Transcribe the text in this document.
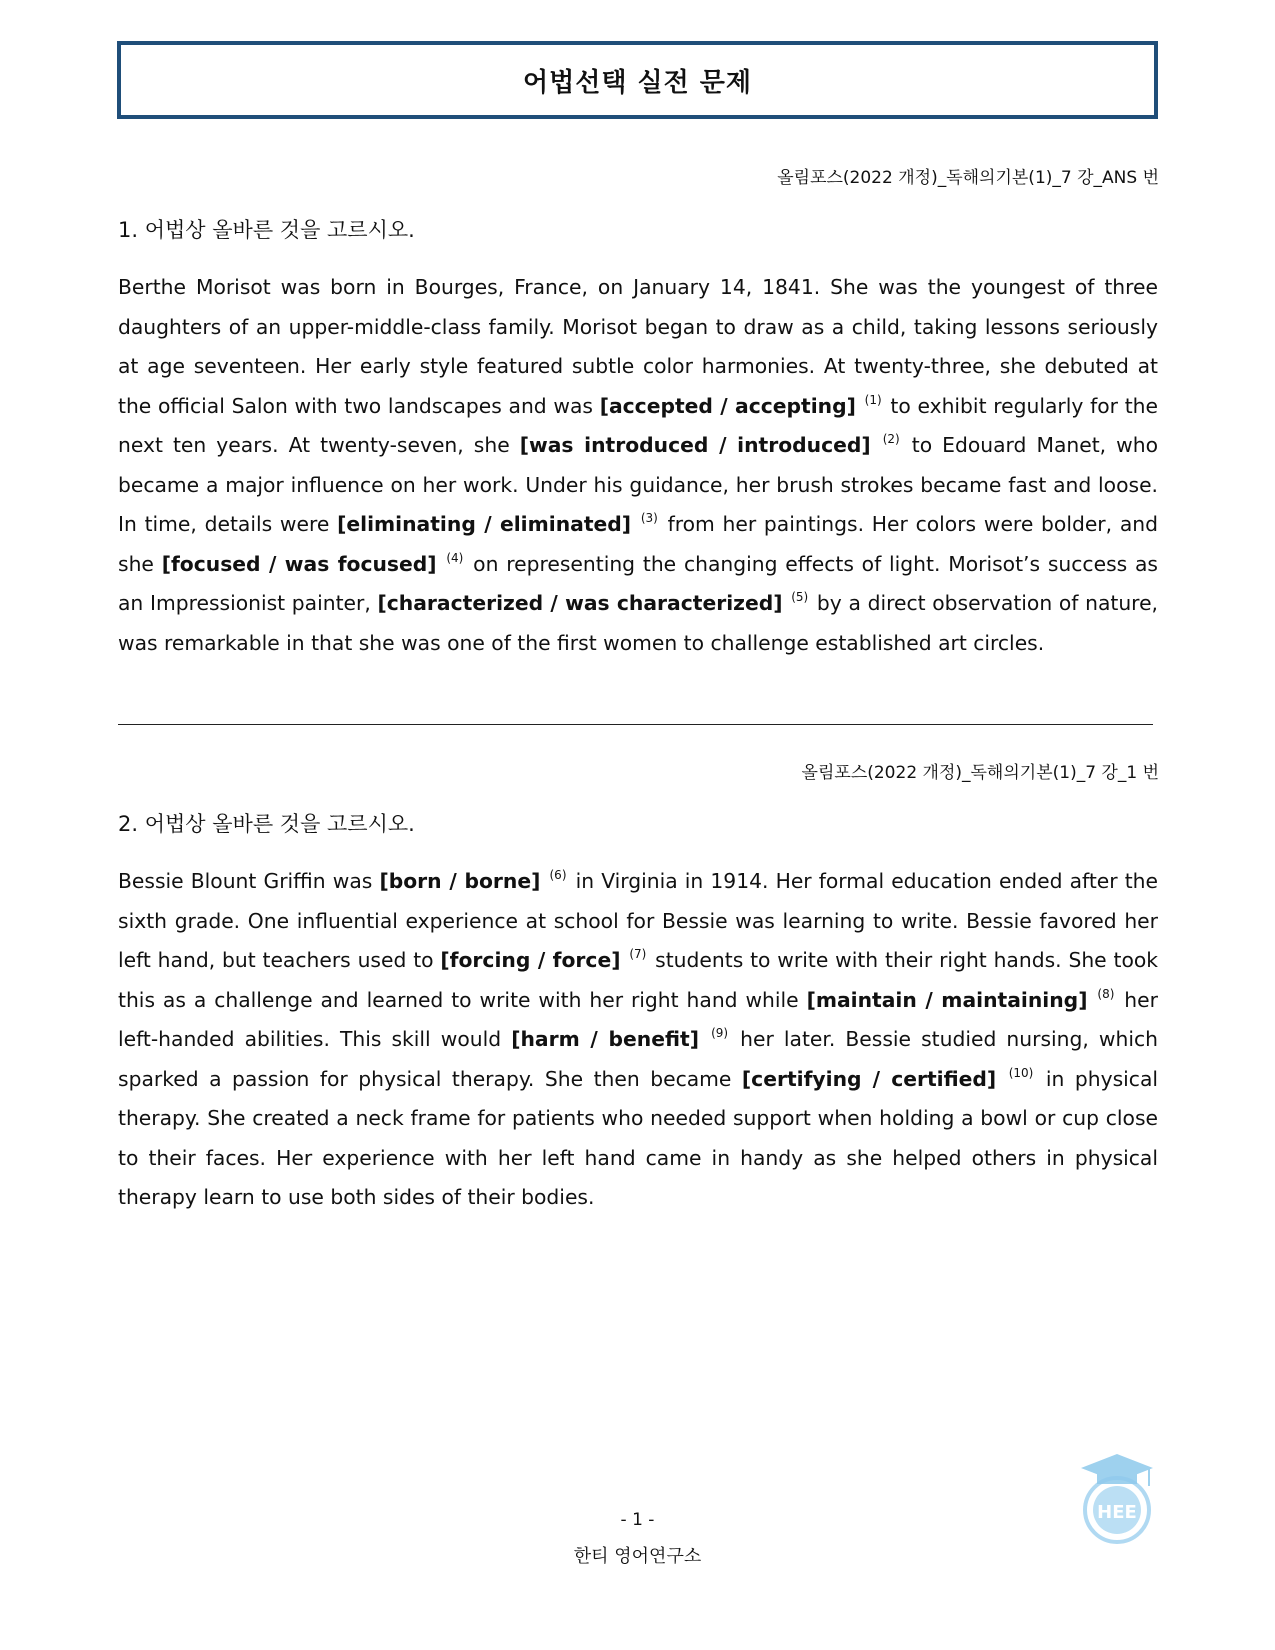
어법선택 실전 문제
올림포스(2022 개정)_독해의기본(1)_7 강_ANS 번
1. 어법상 올바른 것을 고르시오.

Berthe Morisot was born in Bourges, France, on January 14, 1841. She was the youngest of three daughters of an upper-middle-class family. Morisot began to draw as a child, taking lessons seriously at age seventeen. Her early style featured subtle color harmonies. At twenty-three, she debuted at the official Salon with two landscapes and was [accepted / accepting] $^{(1)}$ to exhibit regularly for the next ten years. At twenty-seven, she [was introduced / introduced] $^{(2)}$ to Edouard Manet, who became a major influence on her work. Under his guidance, her brush strokes became fast and loose. In time, details were [eliminating / eliminated] $^{(3)}$ from her paintings. Her colors were bolder, and she [focused / was focused] $^{(4)}$ on representing the changing effects of light. Morisot’s success as an Impressionist painter, [characterized / was characterized] $^{(5)}$ by a direct observation of nature, was remarkable in that she was one of the first women to challenge established art circles.

올림포스(2022 개정)_독해의기본(1)_7 강_1 번
2. 어법상 올바른 것을 고르시오.

Bessie Blount Griffin was [born / borne] $^{(6)}$ in Virginia in 1914. Her formal education ended after the sixth grade. One influential experience at school for Bessie was learning to write. Bessie favored her left hand, but teachers used to [forcing / force] $^{(7)}$ students to write with their right hands. She took this as a challenge and learned to write with her right hand while [maintain / maintaining] $^{(8)}$ her left-handed abilities. This skill would [harm / benefit] $^{(9)}$ her later. Bessie studied nursing, which sparked a passion for physical therapy. She then became [certifying / certified] $^{(10)}$ in physical therapy. She created a neck frame for patients who needed support when holding a bowl or cup close to their faces. Her experience with her left hand came in handy as she helped others in physical therapy learn to use both sides of their bodies.

- 1 -
한티 영어연구소
HEE
